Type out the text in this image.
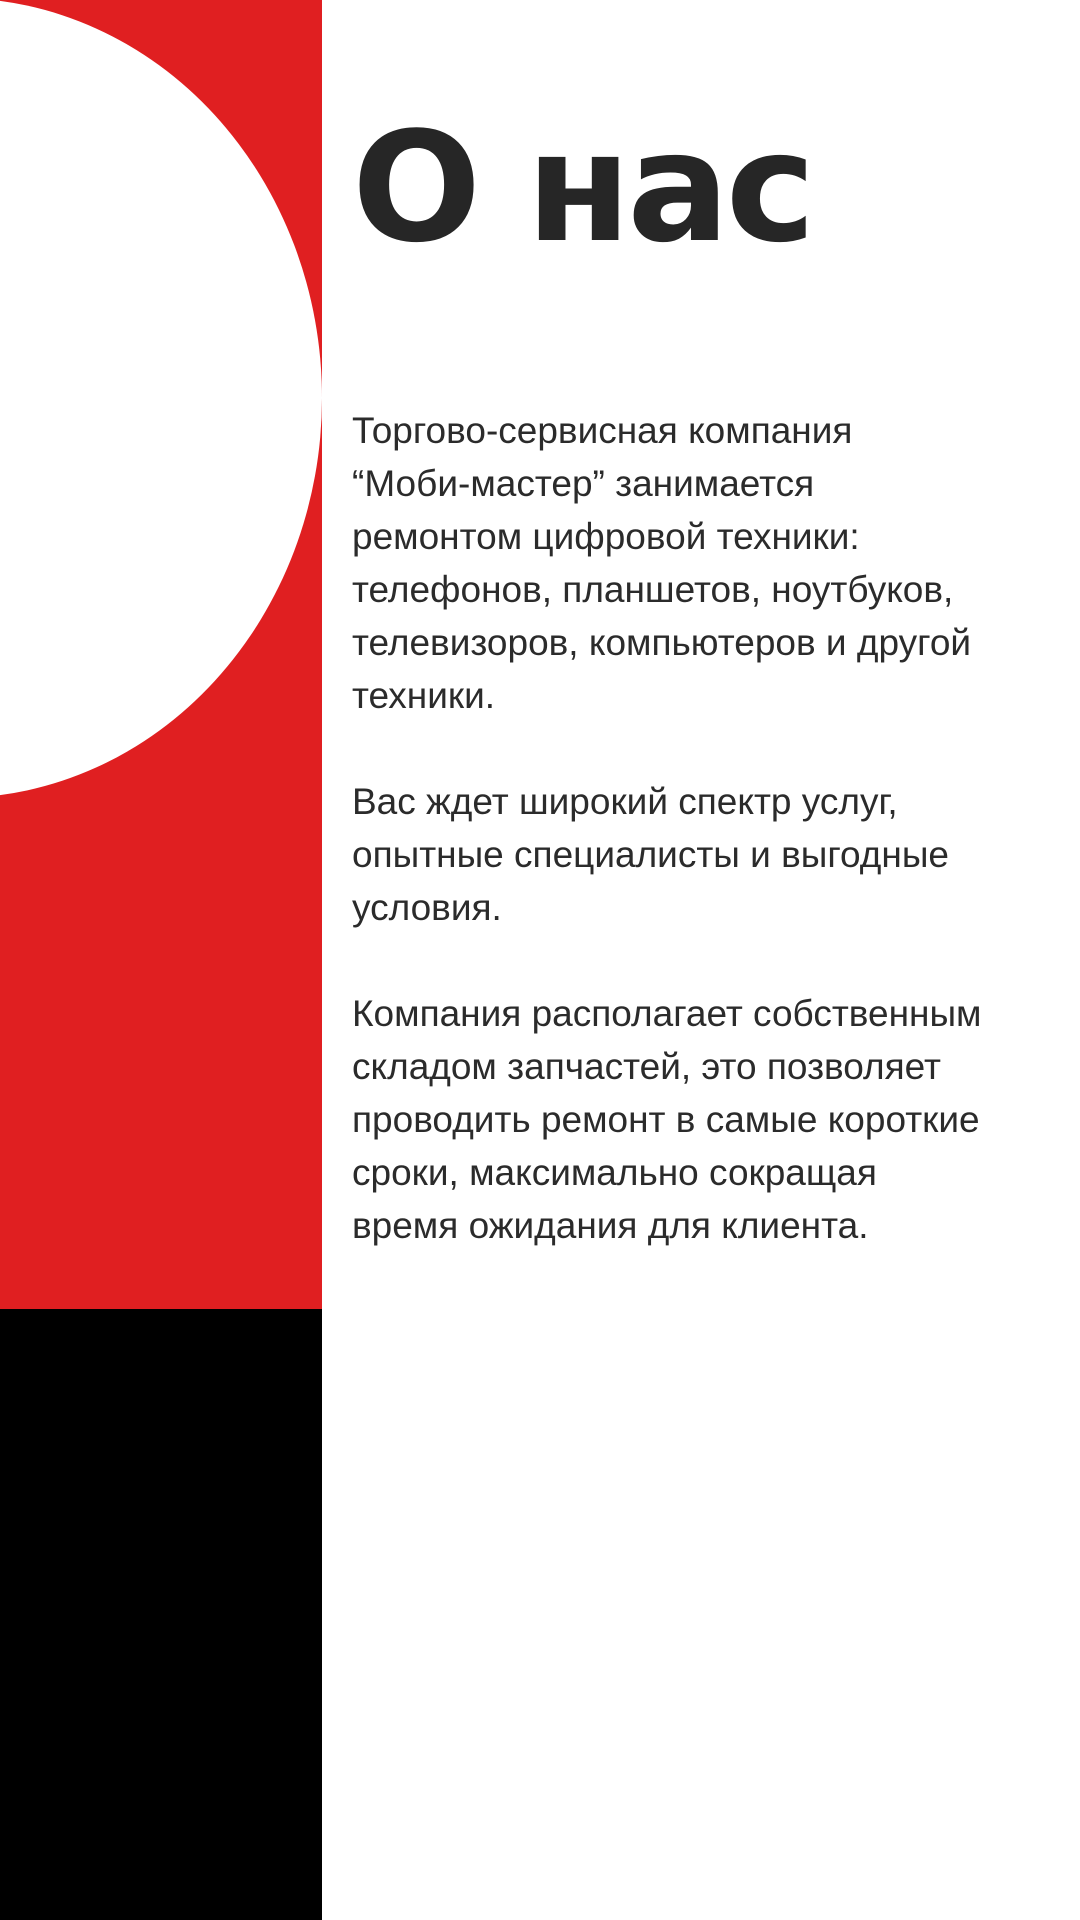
О нас

Торгово-сервисная компания
“Моби-мастер” занимается
ремонтом цифровой техники:
телефонов, планшетов, ноутбуков,
телевизоров, компьютеров и другой
техники.

Вас ждет широкий спектр услуг,
опытные специалисты и выгодные
условия.

Компания располагает собственным
складом запчастей, это позволяет
проводить ремонт в самые короткие
сроки, максимально сокращая
время ожидания для клиента.
